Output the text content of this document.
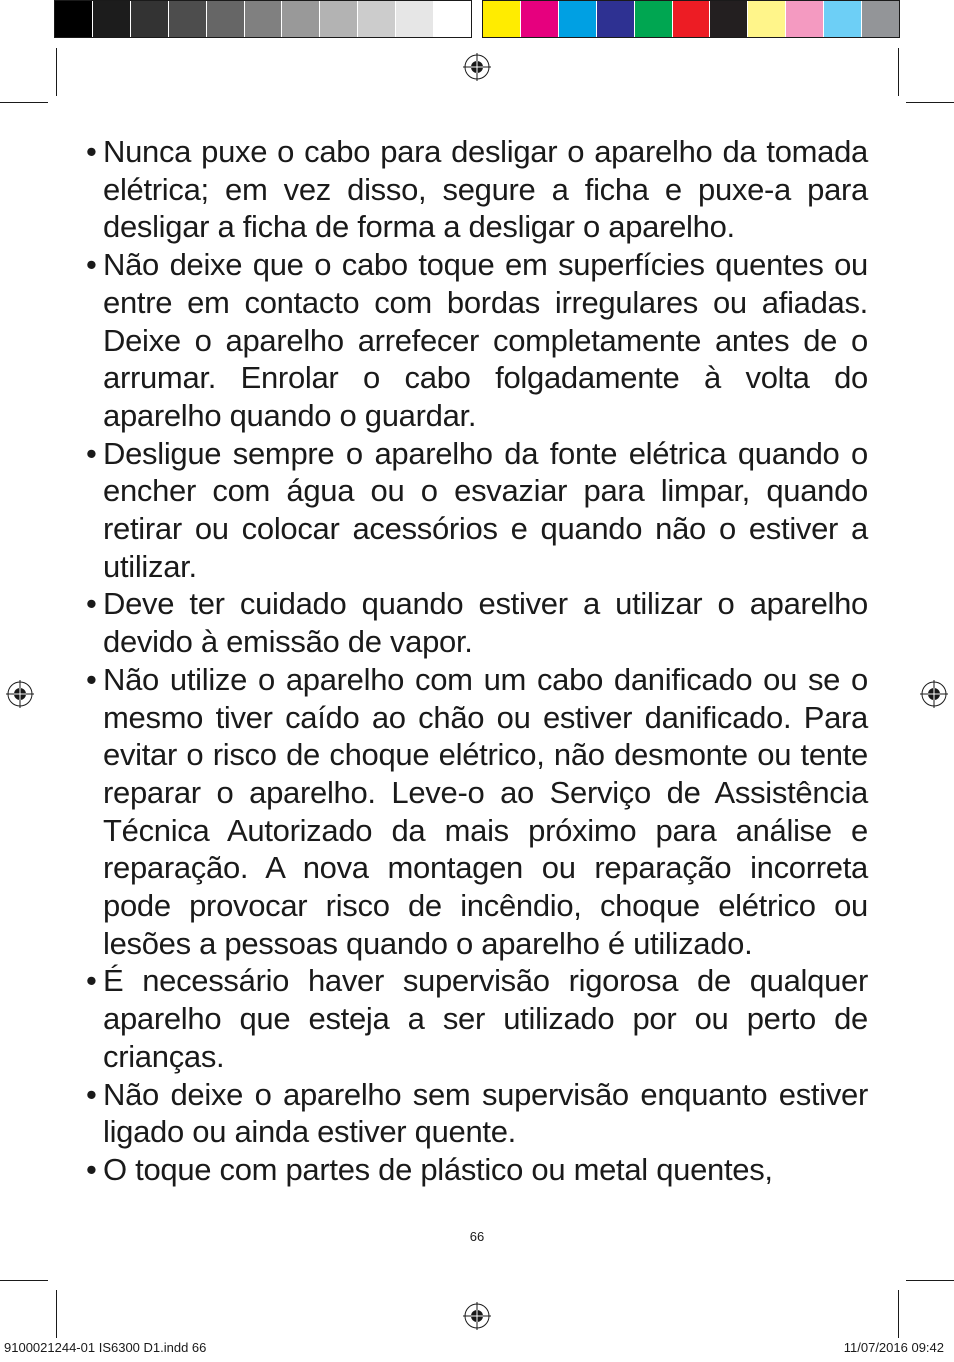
• Nunca puxe o cabo para desligar o aparelho da tomada elétrica; em vez disso, segure a ficha e puxe-a para desligar a ficha de forma a desligar o aparelho.
• Não deixe que o cabo toque em superfícies quentes ou entre em contacto com bordas irregulares ou afiadas. Deixe o aparelho arrefecer completamente antes de o arrumar. Enrolar o cabo folgadamente à volta do aparelho quando o guardar.
• Desligue sempre o aparelho da fonte elétrica quando o encher com água ou o esvaziar para limpar, quando retirar ou colocar acessórios e quando não o estiver a utilizar.
• Deve ter cuidado quando estiver a utilizar o aparelho devido à emissão de vapor.
• Não utilize o aparelho com um cabo danificado ou se o mesmo tiver caído ao chão ou estiver danificado. Para evitar o risco de choque elétrico, não desmonte ou tente reparar o aparelho. Leve-o ao Serviço de Assistência Técnica Autorizado da mais próximo para análise e reparação. A nova montagen ou reparação incorreta pode provocar risco de incêndio, choque elétrico ou lesões a pessoas quando o aparelho é utilizado.
• É necessário haver supervisão rigorosa de qualquer aparelho que esteja a ser utilizado por ou perto de crianças.
• Não deixe o aparelho sem supervisão enquanto estiver ligado ou ainda estiver quente.
• O toque com partes de plástico ou metal quentes,
66
9100021244-01 IS6300 D1.indd 66	11/07/2016 09:42
